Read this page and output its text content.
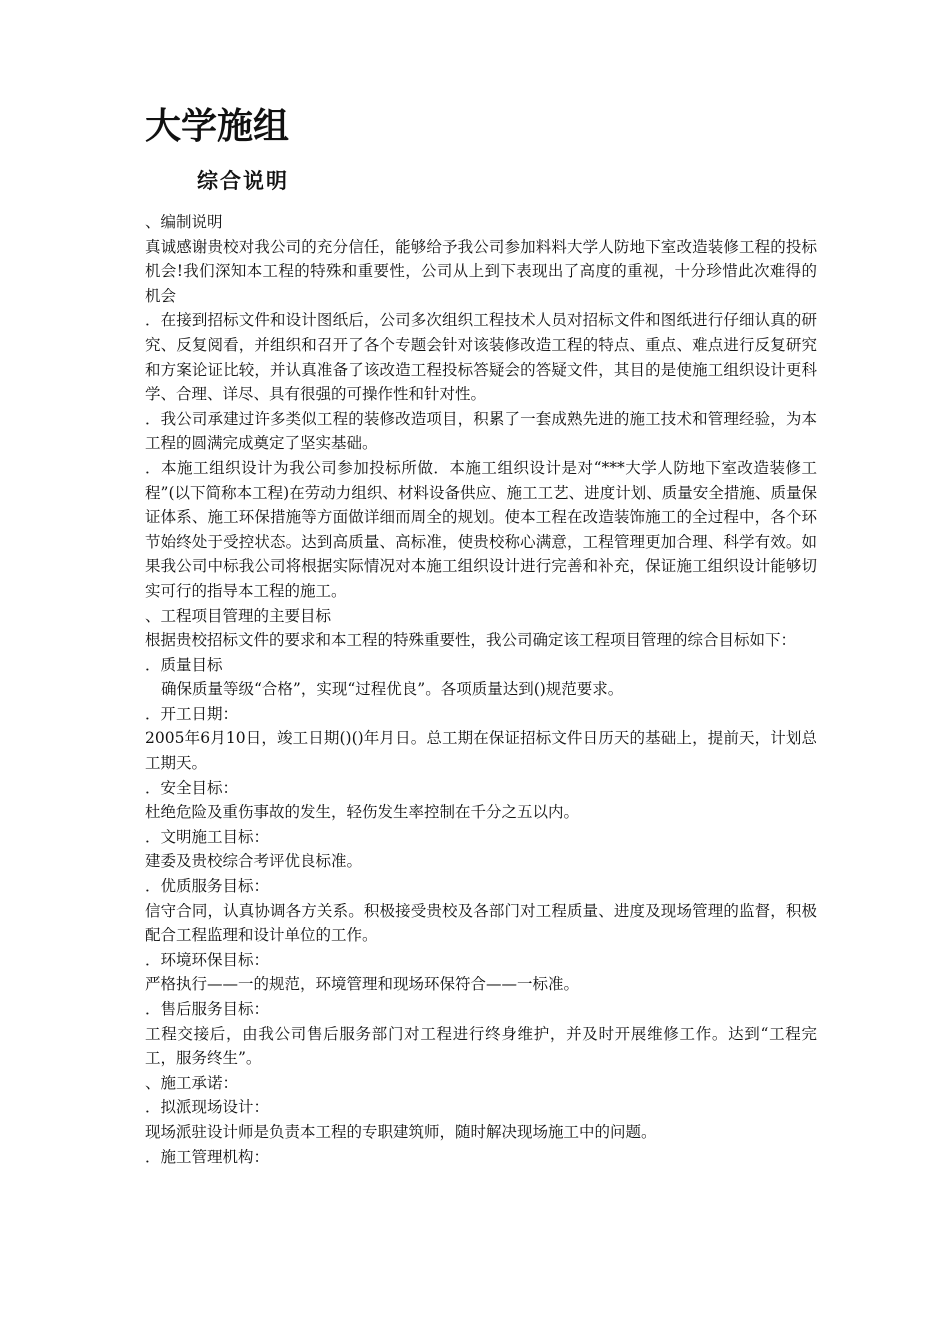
大学施组
综合说明

、编制说明

真诚感谢贵校对我公司的充分信任，能够给予我公司参加料料大学人防地下室改造装修工程的投标机会!我们深知本工程的特殊和重要性，公司从上到下表现出了高度的重视，十分珍惜此次难得的机会

．在接到招标文件和设计图纸后，公司多次组织工程技术人员对招标文件和图纸进行仔细认真的研究、反复阅看，并组织和召开了各个专题会针对该装修改造工程的特点、重点、难点进行反复研究和方案论证比较，并认真准备了该改造工程投标答疑会的答疑文件，其目的是使施工组织设计更科学、合理、详尽、具有很强的可操作性和针对性。

．我公司承建过许多类似工程的装修改造项目，积累了一套成熟先进的施工技术和管理经验，为本工程的圆满完成奠定了坚实基础。

．本施工组织设计为我公司参加投标所做．本施工组织设计是对“***大学人防地下室改造装修工程”(以下简称本工程)在劳动力组织、材料设备供应、施工工艺、进度计划、质量安全措施、质量保证体系、施工环保措施等方面做详细而周全的规划。使本工程在改造装饰施工的全过程中，各个环节始终处于受控状态。达到高质量、高标准，使贵校称心满意，工程管理更加合理、科学有效。如果我公司中标我公司将根据实际情况对本施工组织设计进行完善和补充，保证施工组织设计能够切实可行的指导本工程的施工。

、工程项目管理的主要目标

根据贵校招标文件的要求和本工程的特殊重要性，我公司确定该工程项目管理的综合目标如下：

．质量目标

确保质量等级“合格”，实现“过程优良”。各项质量达到()规范要求。

．开工日期：

2005年6月10日，竣工日期()()年月日。总工期在保证招标文件日历天的基础上，提前天，计划总工期天。

．安全目标：

杜绝危险及重伤事故的发生，轻伤发生率控制在千分之五以内。

．文明施工目标：

建委及贵校综合考评优良标准。

．优质服务目标：

信守合同，认真协调各方关系。积极接受贵校及各部门对工程质量、进度及现场管理的监督，积极配合工程监理和设计单位的工作。

．环境环保目标：

严格执行——一的规范，环境管理和现场环保符合——一标准。

．售后服务目标：

工程交接后，由我公司售后服务部门对工程进行终身维护，并及时开展维修工作。达到“工程完工，服务终生”。

、施工承诺：

．拟派现场设计：

现场派驻设计师是负责本工程的专职建筑师，随时解决现场施工中的问题。

．施工管理机构：
